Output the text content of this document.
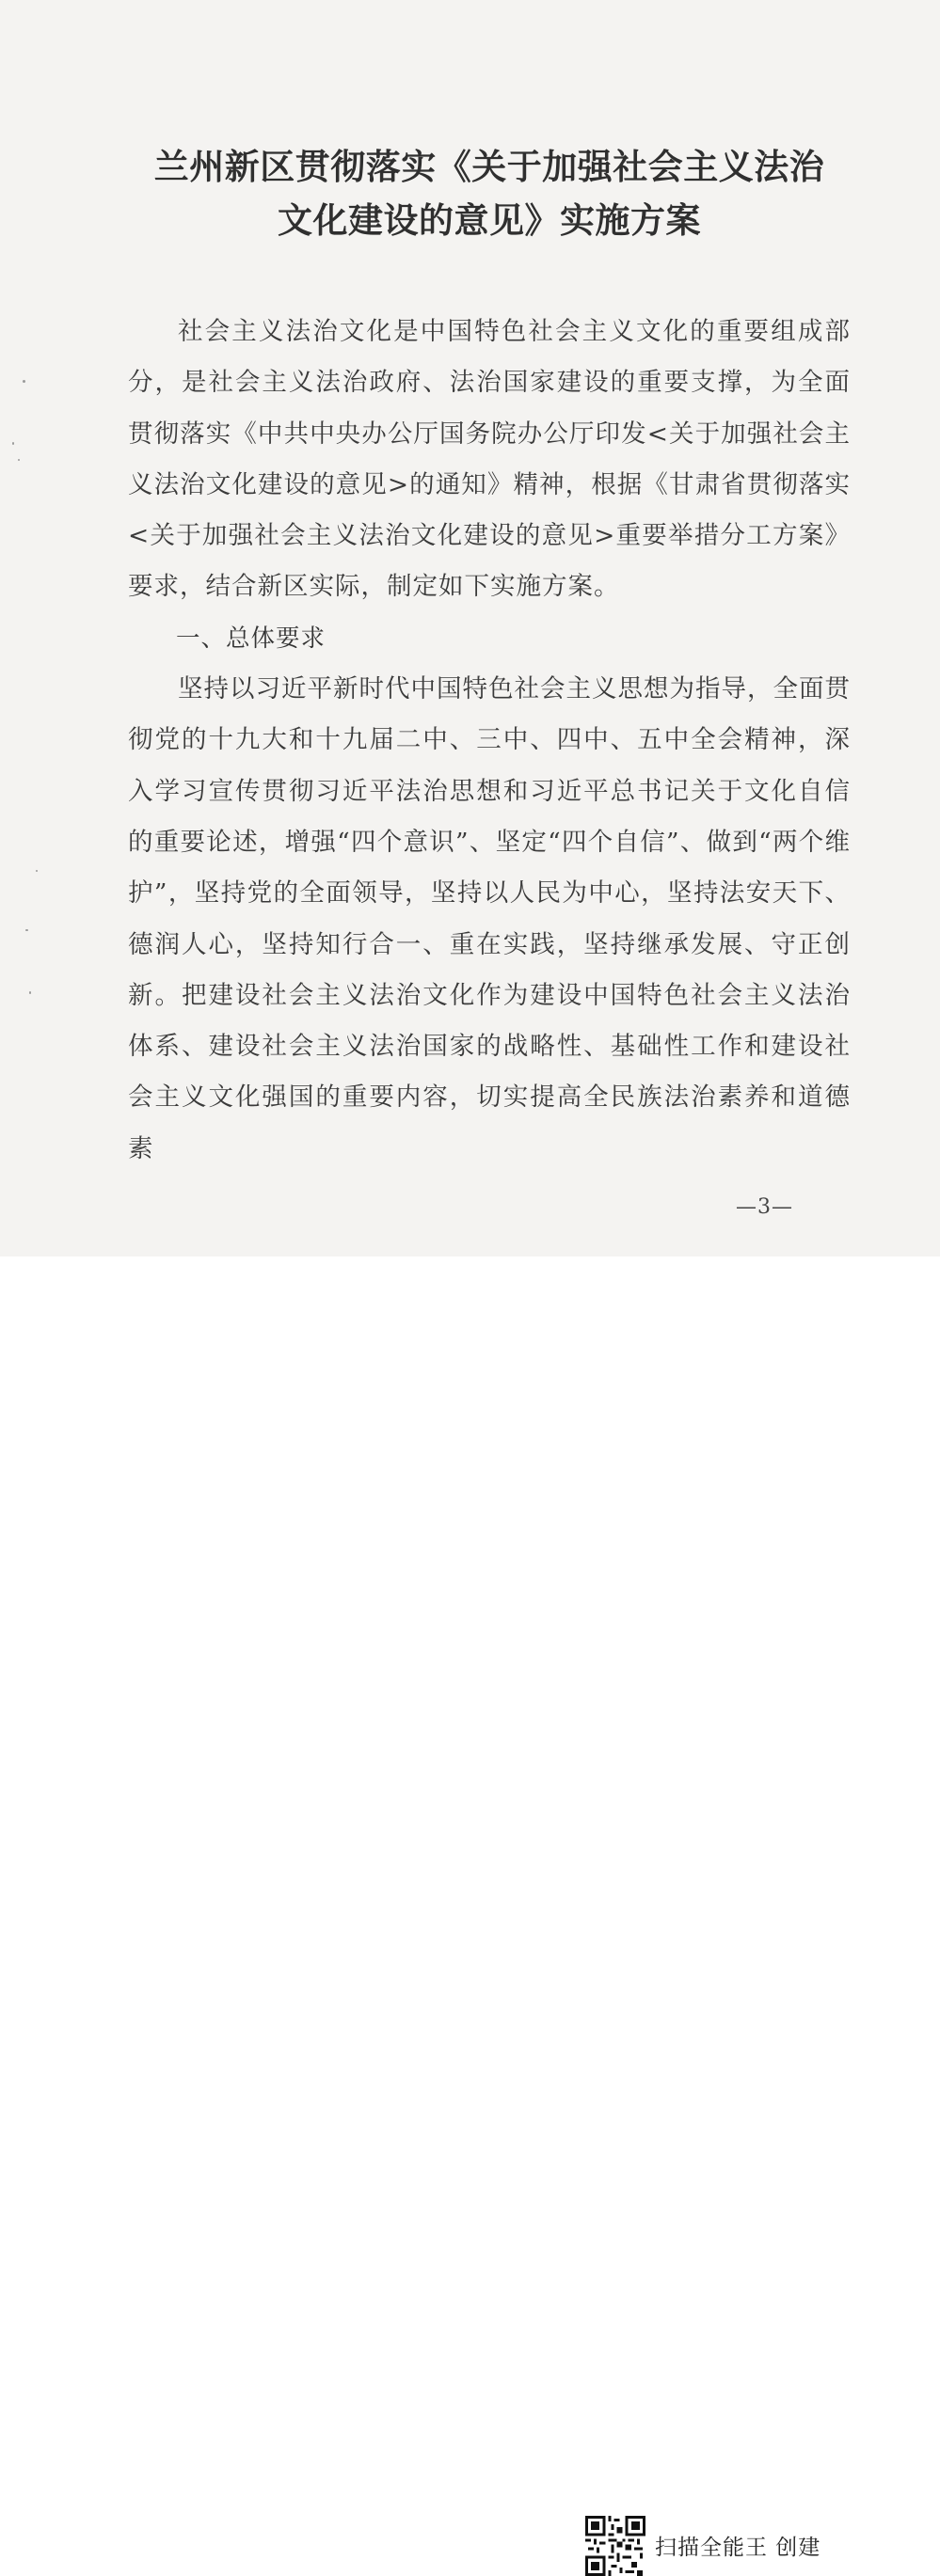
兰州新区贯彻落实《关于加强社会主义法治
文化建设的意见》实施方案

社会主义法治文化是中国特色社会主义文化的重要组成部分，是社会主义法治政府、法治国家建设的重要支撑，为全面贯彻落实《中共中央办公厅国务院办公厅印发<关于加强社会主义法治文化建设的意见>的通知》精神，根据《甘肃省贯彻落实<关于加强社会主义法治文化建设的意见>重要举措分工方案》要求，结合新区实际，制定如下实施方案。

一、总体要求

坚持以习近平新时代中国特色社会主义思想为指导，全面贯彻党的十九大和十九届二中、三中、四中、五中全会精神，深入学习宣传贯彻习近平法治思想和习近平总书记关于文化自信的重要论述，增强“四个意识”、坚定“四个自信”、做到“两个维护”，坚持党的全面领导，坚持以人民为中心，坚持法安天下、德润人心，坚持知行合一、重在实践，坚持继承发展、守正创新。把建设社会主义法治文化作为建设中国特色社会主义法治体系、建设社会主义法治国家的战略性、基础性工作和建设社会主义文化强国的重要内容，切实提高全民族法治素养和道德素

—3—
扫描全能王 创建
